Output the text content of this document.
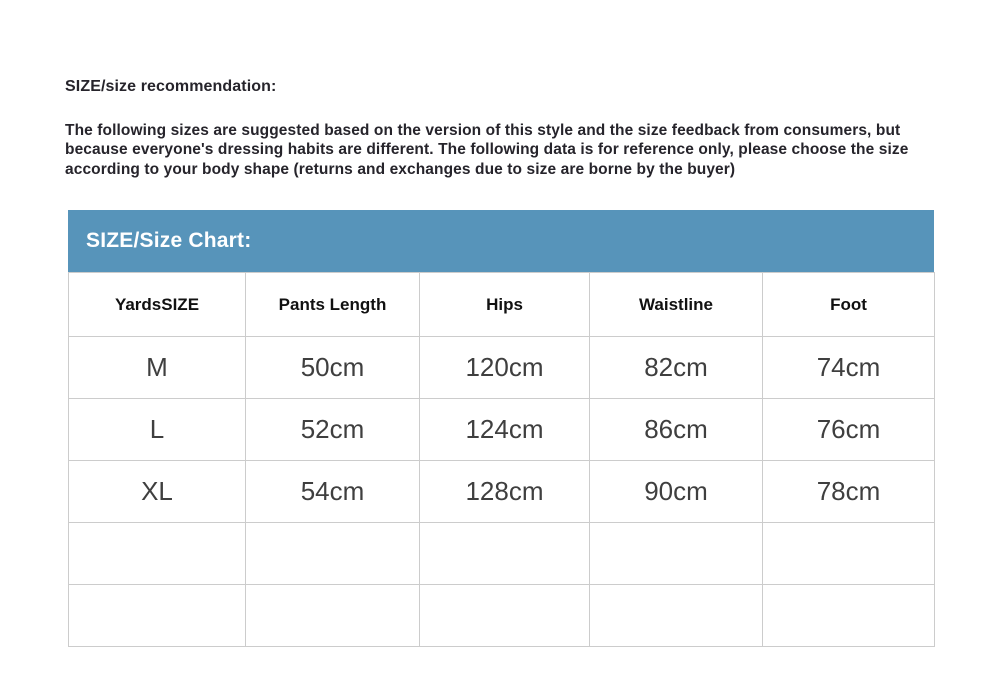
SIZE/size recommendation:
The following sizes are suggested based on the version of this style and the size feedback from consumers, but because everyone's dressing habits are different. The following data is for reference only, please choose the size according to your body shape (returns and exchanges due to size are borne by the buyer)
SIZE/Size Chart:
YardsSIZE	Pants Length	Hips	Waistline	Foot
M	50cm	120cm	82cm	74cm
L	52cm	124cm	86cm	76cm
XL	54cm	128cm	90cm	78cm
